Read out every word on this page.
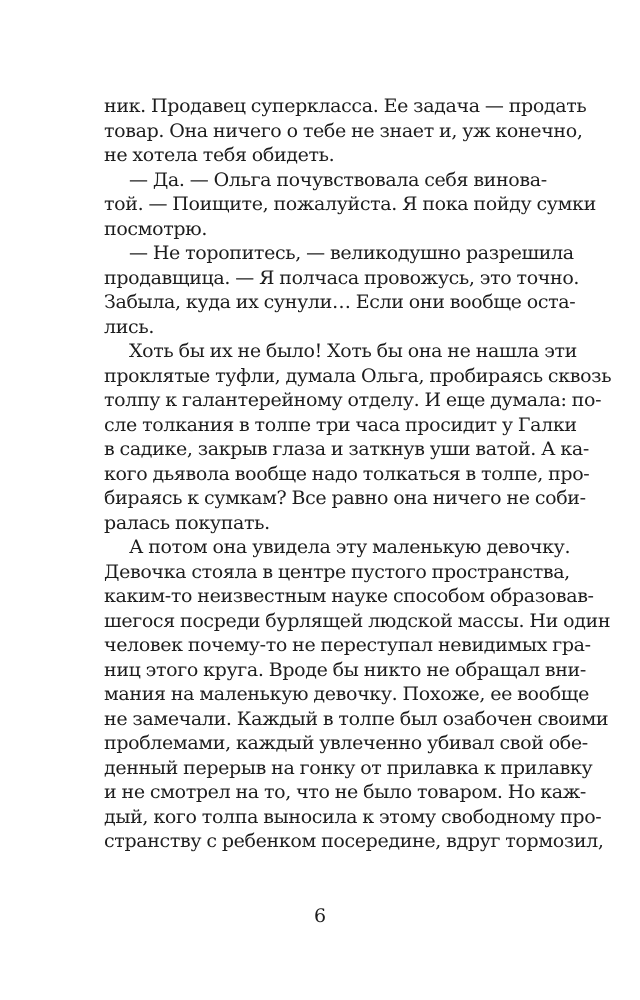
ник. Продавец суперкласса. Ее задача — продать
товар. Она ничего о тебе не знает и, уж конечно,
не хотела тебя обидеть.
— Да. — Ольга почувствовала себя винова-
той. — Поищите, пожалуйста. Я пока пойду сумки
посмотрю.
— Не торопитесь, — великодушно разрешила
продавщица. — Я полчаса провожусь, это точно.
Забыла, куда их сунули… Если они вообще оста-
лись.
Хоть бы их не было! Хоть бы она не нашла эти
проклятые туфли, думала Ольга, пробираясь сквозь
толпу к галантерейному отделу. И еще думала: по-
сле толкания в толпе три часа просидит у Галки
в садике, закрыв глаза и заткнув уши ватой. А ка-
кого дьявола вообще надо толкаться в толпе, про-
бираясь к сумкам? Все равно она ничего не соби-
ралась покупать.
А потом она увидела эту маленькую девочку.
Девочка стояла в центре пустого пространства,
каким-то неизвестным науке способом образовав-
шегося посреди бурлящей людской массы. Ни один
человек почему-то не переступал невидимых гра-
ниц этого круга. Вроде бы никто не обращал вни-
мания на маленькую девочку. Похоже, ее вообще
не замечали. Каждый в толпе был озабочен своими
проблемами, каждый увлеченно убивал свой обе-
денный перерыв на гонку от прилавка к прилавку
и не смотрел на то, что не было товаром. Но каж-
дый, кого толпа выносила к этому свободному про-
странству с ребенком посередине, вдруг тормозил,
6
